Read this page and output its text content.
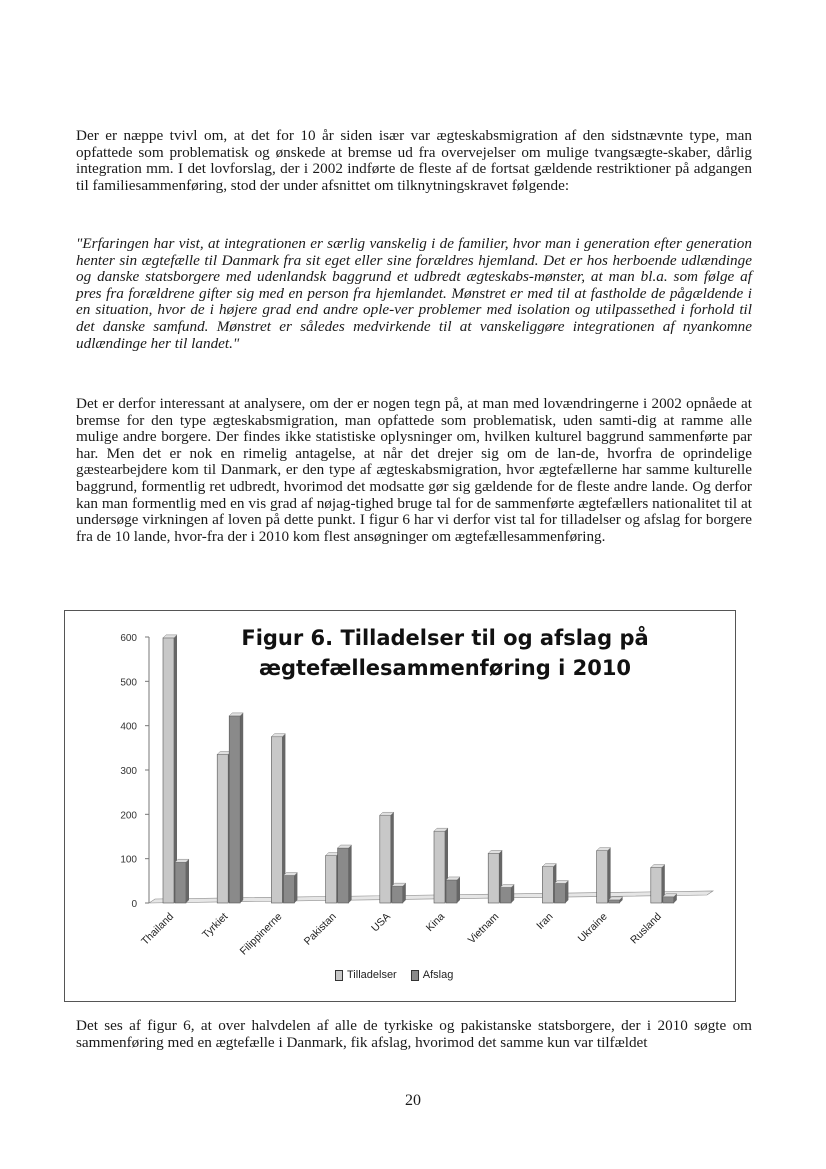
Der er næppe tvivl om, at det for 10 år siden især var ægteskabsmigration af den sidstnævnte type, man opfattede som problematisk og ønskede at bremse ud fra overvejelser om mulige tvangsægte-skaber, dårlig integration mm. I det lovforslag, der i 2002 indførte de fleste af de fortsat gældende restriktioner på adgangen til familiesammenføring, stod der under afsnittet om tilknytningskravet følgende:

"Erfaringen har vist, at integrationen er særlig vanskelig i de familier, hvor man i generation efter generation henter sin ægtefælle til Danmark fra sit eget eller sine forældres hjemland. Det er hos herboende udlændinge og danske statsborgere med udenlandsk baggrund et udbredt ægteskabs-mønster, at man bl.a. som følge af pres fra forældrene gifter sig med en person fra hjemlandet. Mønstret er med til at fastholde de pågældende i en situation, hvor de i højere grad end andre ople-ver problemer med isolation og utilpassethed i forhold til det danske samfund. Mønstret er således medvirkende til at vanskeliggøre integrationen af nyankomne udlændinge her til landet."

Det er derfor interessant at analysere, om der er nogen tegn på, at man med lovændringerne i 2002 opnåede at bremse for den type ægteskabsmigration, man opfattede som problematisk, uden samti-dig at ramme alle mulige andre borgere. Der findes ikke statistiske oplysninger om, hvilken kulturel baggrund sammenførte par har. Men det er nok en rimelig antagelse, at når det drejer sig om de lan-de, hvorfra de oprindelige gæstearbejdere kom til Danmark, er den type af ægteskabsmigration, hvor ægtefællerne har samme kulturelle baggrund, formentlig ret udbredt, hvorimod det modsatte gør sig gældende for de fleste andre lande. Og derfor kan man formentlig med en vis grad af nøjag-tighed bruge tal for de sammenførte ægtefællers nationalitet til at undersøge virkningen af loven på dette punkt. I figur 6 har vi derfor vist tal for tilladelser og afslag for borgere fra de 10 lande, hvor-fra der i 2010 kom flest ansøgninger om ægtefællesammenføring.

0
100
200
300
400
500
600
Thailand Tyrkiet Filippinerne Pakistan	USA	Kina Vietnam	Iran Ukraine Rusland
Figur 6. Tilladelser til og afslag på
ægtefællesammenføring i 2010
Tilladelser Afslag

Det ses af figur 6, at over halvdelen af alle de tyrkiske og pakistanske statsborgere, der i 2010 søgte om sammenføring med en ægtefælle i Danmark, fik afslag, hvorimod det samme kun var tilfældet

20
